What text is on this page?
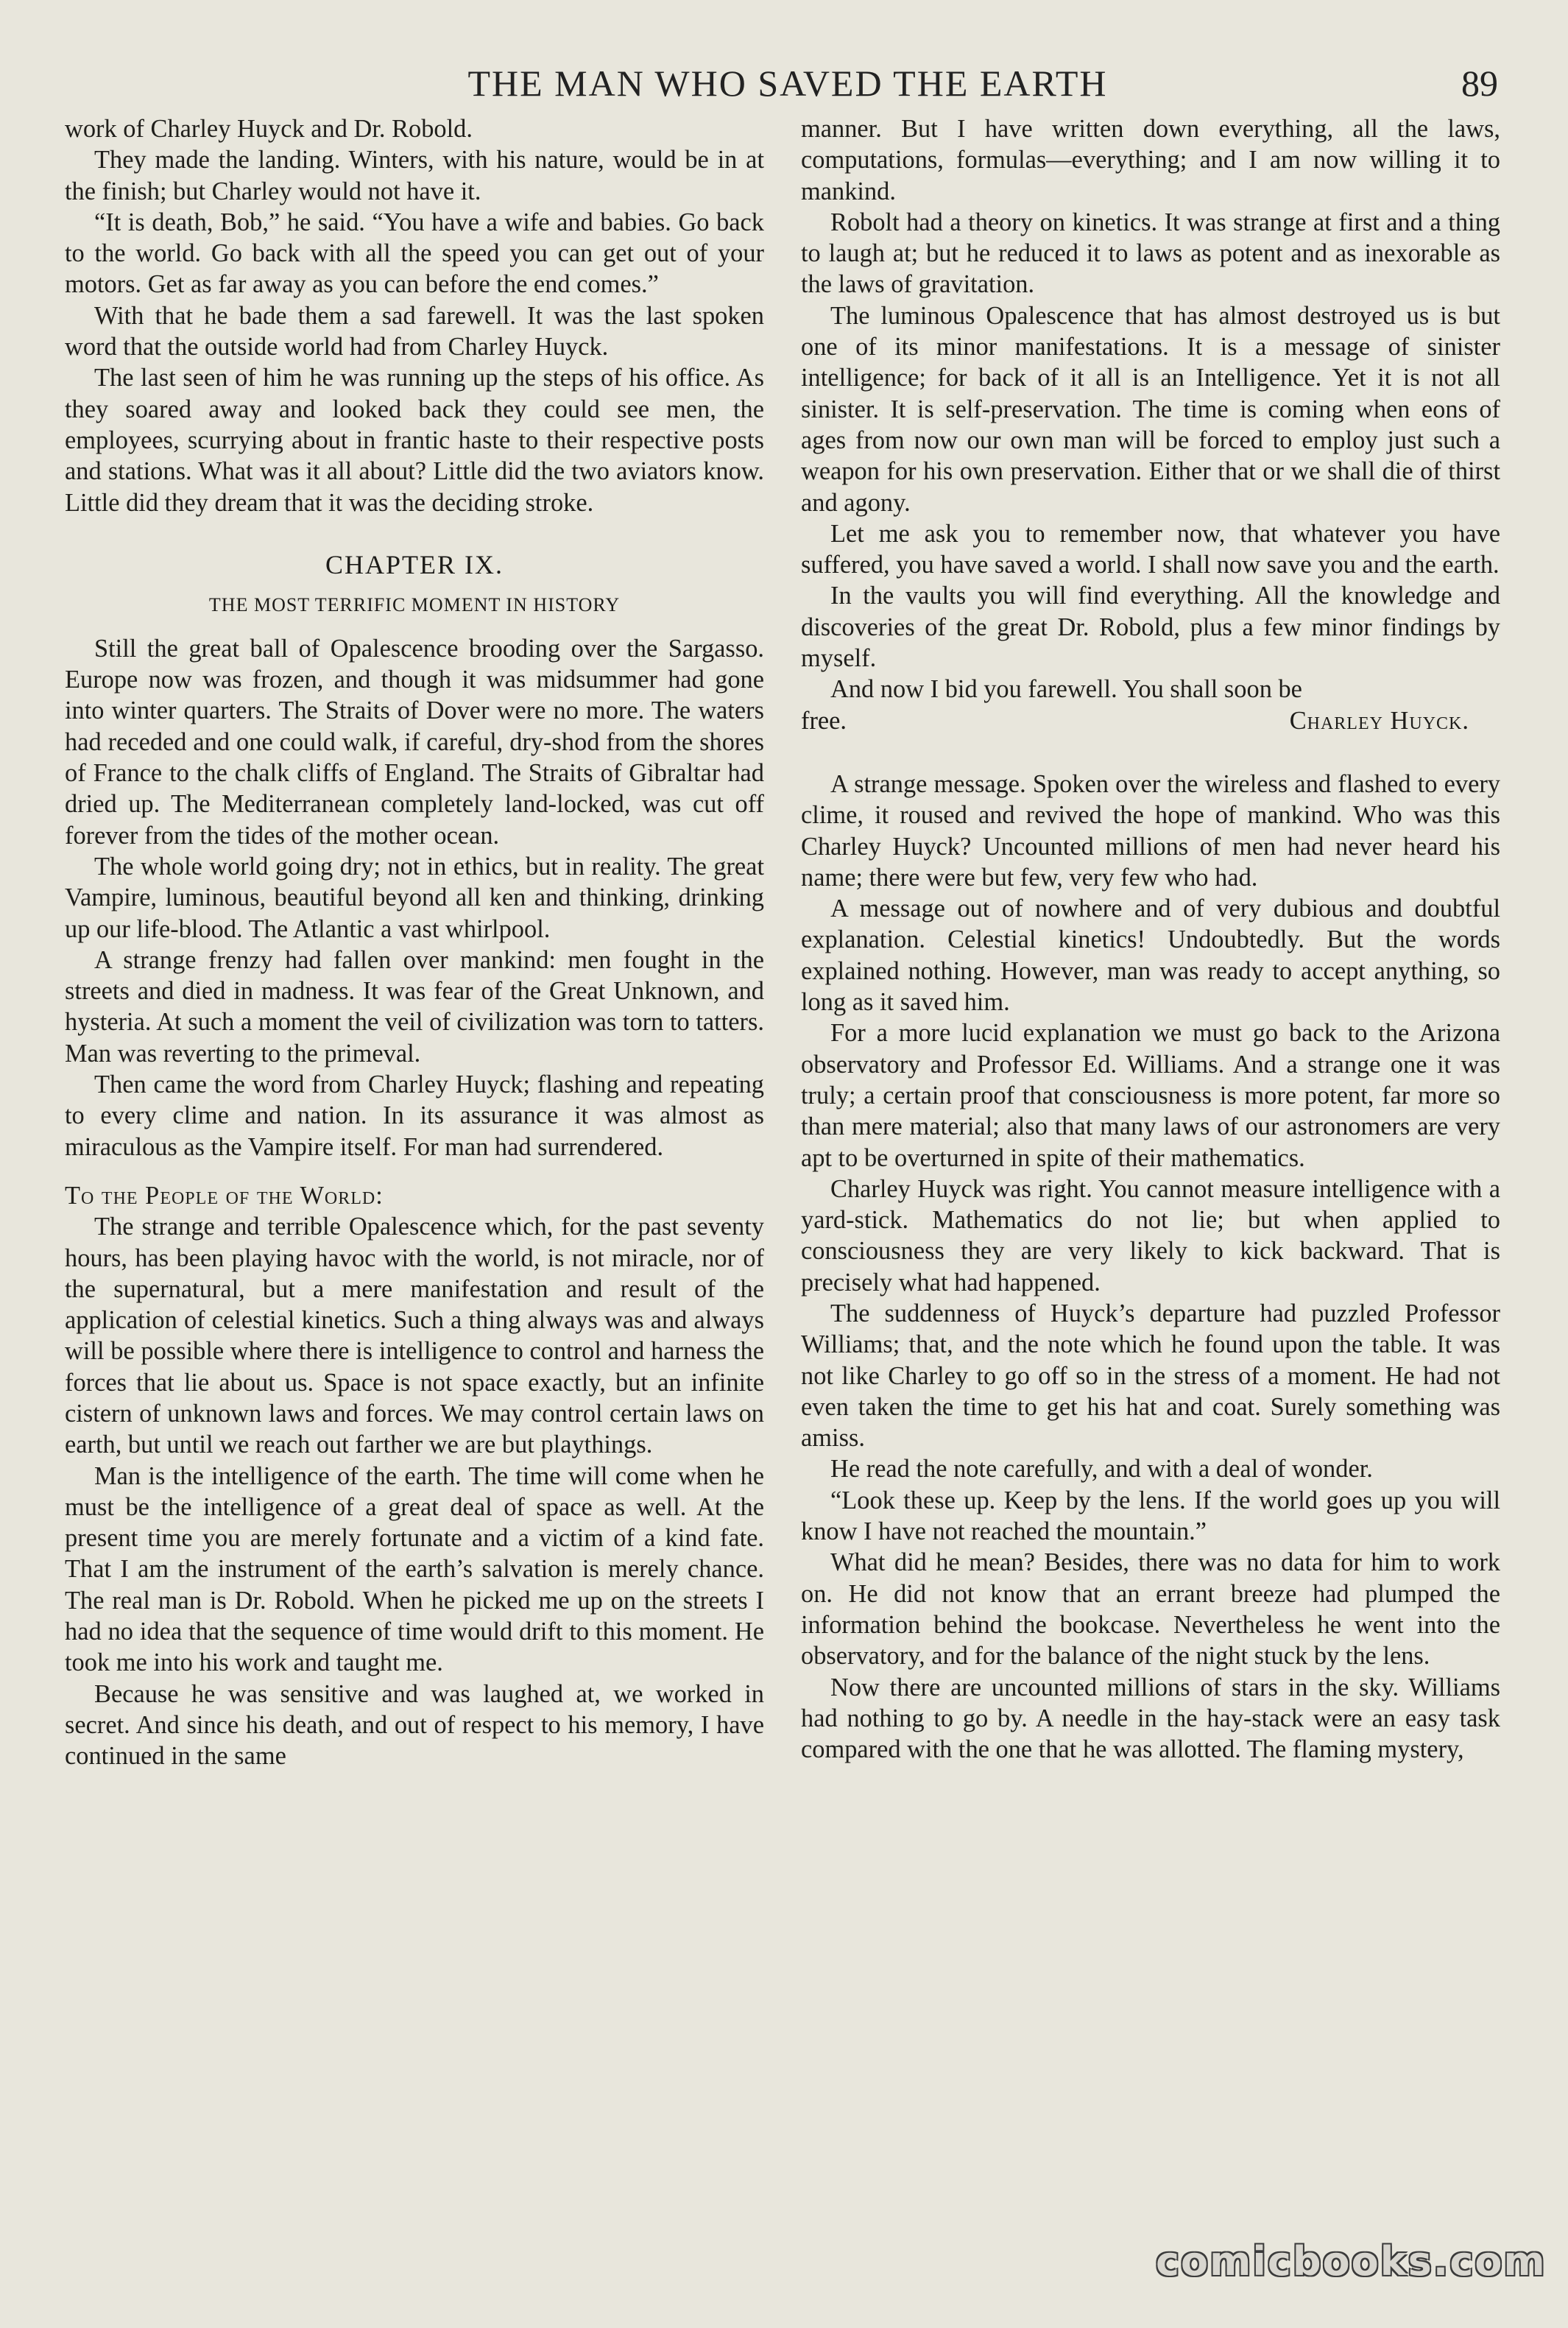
THE MAN WHO SAVED THE EARTH	89

work of Charley Huyck and Dr. Robold.

They made the landing. Winters, with his nature, would be in at the finish; but Charley would not have it.

“It is death, Bob,” he said. “You have a wife and babies. Go back to the world. Go back with all the speed you can get out of your motors. Get as far away as you can before the end comes.”

With that he bade them a sad farewell. It was the last spoken word that the outside world had from Charley Huyck.

The last seen of him he was running up the steps of his office. As they soared away and looked back they could see men, the employees, scurrying about in frantic haste to their respective posts and stations. What was it all about? Little did the two aviators know. Little did they dream that it was the deciding stroke.

CHAPTER IX.
THE MOST TERRIFIC MOMENT IN HISTORY

Still the great ball of Opalescence brooding over the Sargasso. Europe now was frozen, and though it was midsummer had gone into winter quarters. The Straits of Dover were no more. The waters had receded and one could walk, if careful, dry-shod from the shores of France to the chalk cliffs of England. The Straits of Gibraltar had dried up. The Mediterranean completely land-locked, was cut off forever from the tides of the mother ocean.

The whole world going dry; not in ethics, but in reality. The great Vampire, luminous, beautiful beyond all ken and thinking, drinking up our life-blood. The Atlantic a vast whirlpool.

A strange frenzy had fallen over mankind: men fought in the streets and died in madness. It was fear of the Great Unknown, and hysteria. At such a moment the veil of civilization was torn to tatters. Man was reverting to the primeval.

Then came the word from Charley Huyck; flashing and repeating to every clime and nation. In its assurance it was almost as miraculous as the Vampire itself. For man had surrendered.

To the People of the World:

The strange and terrible Opalescence which, for the past seventy hours, has been playing havoc with the world, is not miracle, nor of the supernatural, but a mere manifestation and result of the application of celestial kinetics. Such a thing always was and always will be possible where there is intelligence to control and harness the forces that lie about us. Space is not space exactly, but an infinite cistern of unknown laws and forces. We may control certain laws on earth, but until we reach out farther we are but playthings.

Man is the intelligence of the earth. The time will come when he must be the intelligence of a great deal of space as well. At the present time you are merely fortunate and a victim of a kind fate. That I am the instrument of the earth’s salvation is merely chance. The real man is Dr. Robold. When he picked me up on the streets I had no idea that the sequence of time would drift to this moment. He took me into his work and taught me.

Because he was sensitive and was laughed at, we worked in secret. And since his death, and out of respect to his memory, I have continued in the same

manner. But I have written down everything, all the laws, computations, formulas—everything; and I am now willing it to mankind.

Robolt had a theory on kinetics. It was strange at first and a thing to laugh at; but he reduced it to laws as potent and as inexorable as the laws of gravitation.

The luminous Opalescence that has almost destroyed us is but one of its minor manifestations. It is a message of sinister intelligence; for back of it all is an Intelligence. Yet it is not all sinister. It is self-preservation. The time is coming when eons of ages from now our own man will be forced to employ just such a weapon for his own preservation. Either that or we shall die of thirst and agony.

Let me ask you to remember now, that whatever you have suffered, you have saved a world. I shall now save you and the earth.

In the vaults you will find everything. All the knowledge and discoveries of the great Dr. Robold, plus a few minor findings by myself.

And now I bid you farewell. You shall soon be

free.	Charley Huyck.

A strange message. Spoken over the wireless and flashed to every clime, it roused and revived the hope of mankind. Who was this Charley Huyck? Uncounted millions of men had never heard his name; there were but few, very few who had.

A message out of nowhere and of very dubious and doubtful explanation. Celestial kinetics! Undoubtedly. But the words explained nothing. However, man was ready to accept anything, so long as it saved him.

For a more lucid explanation we must go back to the Arizona observatory and Professor Ed. Williams. And a strange one it was truly; a certain proof that consciousness is more potent, far more so than mere material; also that many laws of our astronomers are very apt to be overturned in spite of their mathematics.

Charley Huyck was right. You cannot measure intelligence with a yard-stick. Mathematics do not lie; but when applied to consciousness they are very likely to kick backward. That is precisely what had happened.

The suddenness of Huyck’s departure had puzzled Professor Williams; that, and the note which he found upon the table. It was not like Charley to go off so in the stress of a moment. He had not even taken the time to get his hat and coat. Surely something was amiss.

He read the note carefully, and with a deal of wonder.

“Look these up. Keep by the lens. If the world goes up you will know I have not reached the mountain.”

What did he mean? Besides, there was no data for him to work on. He did not know that an errant breeze had plumped the information behind the bookcase. Nevertheless he went into the observatory, and for the balance of the night stuck by the lens.

Now there are uncounted millions of stars in the sky. Williams had nothing to go by. A needle in the hay-stack were an easy task compared with the one that he was allotted. The flaming mystery,

comicbooks.com
